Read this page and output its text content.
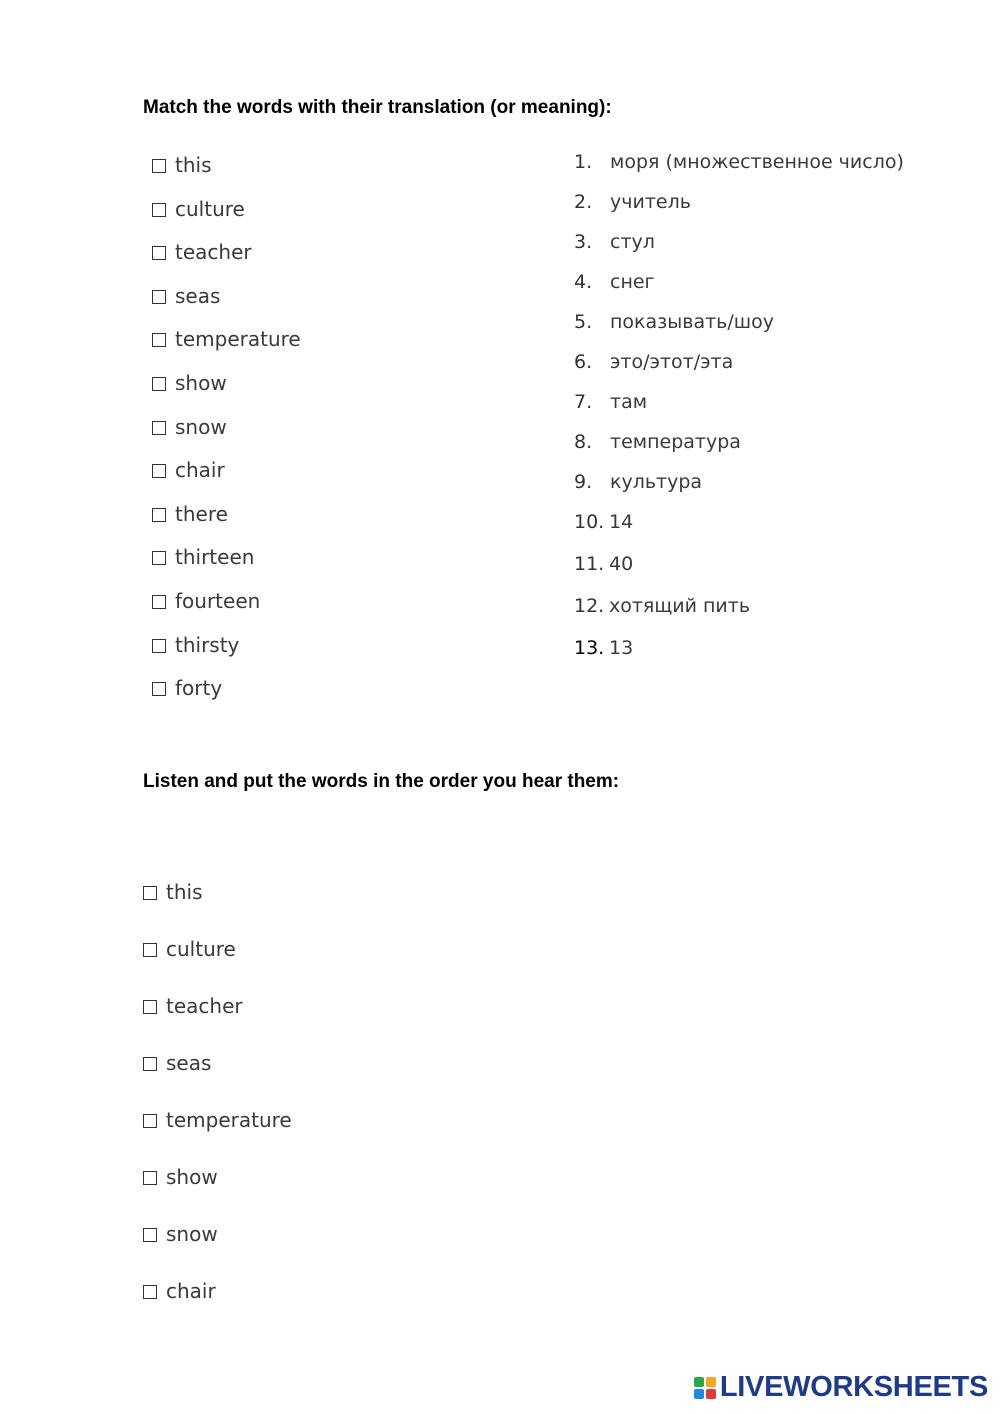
Match the words with their translation (or meaning):
this
culture
teacher
seas
temperature
show
snow
chair
there
thirteen
fourteen
thirsty
forty
1. моря (множественное число)
2. учитель
3. стул
4. снег
5. показывать/шоу
6. это/этот/эта
7. там
8. температура
9. культура
10. 14
11. 40
12. хотящий пить
13. 13
Listen and put the words in the order you hear them:
this
culture
teacher
seas
temperature
show
snow
chair
LIVEWORKSHEETS
